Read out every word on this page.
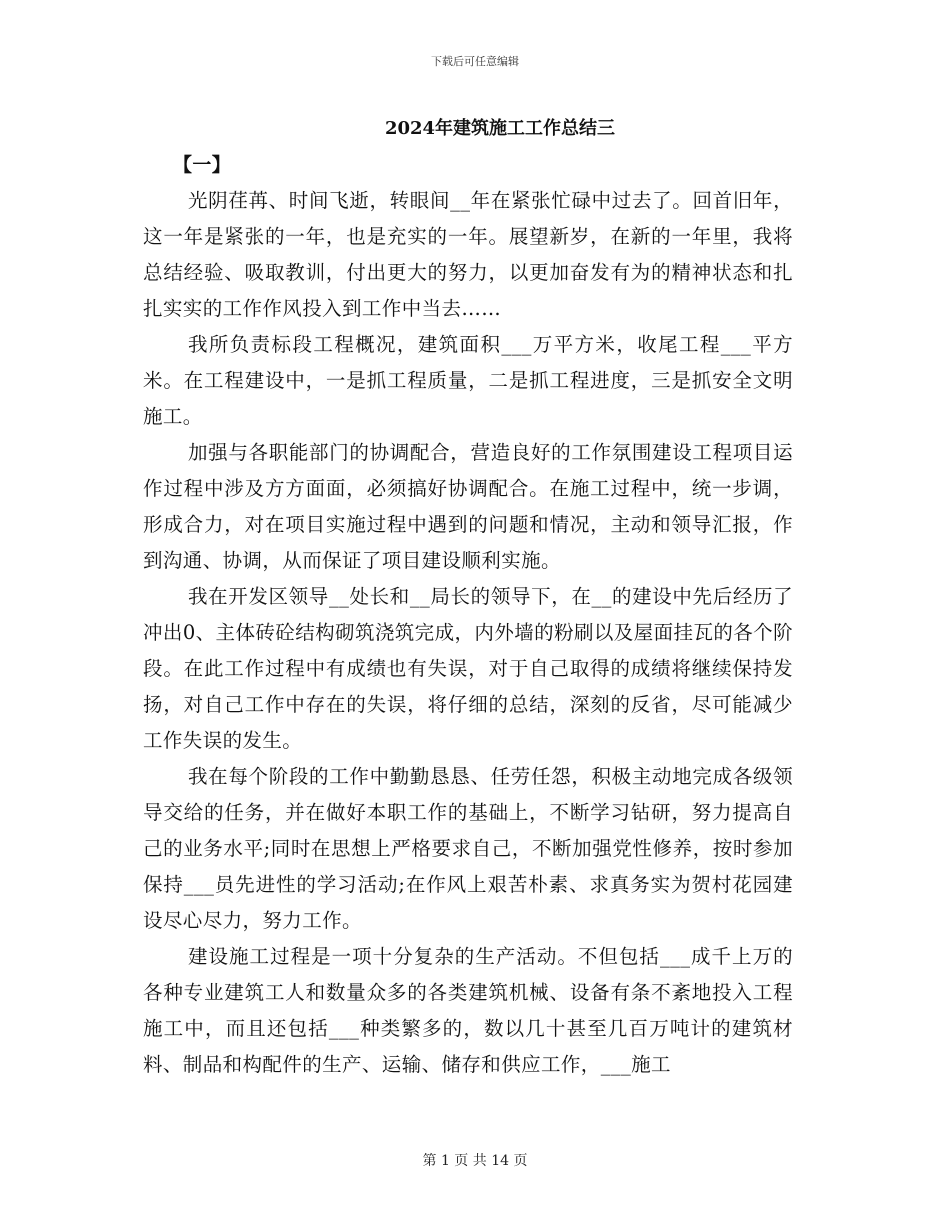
下载后可任意编辑
2024年建筑施工工作总结三

【一】

光阴荏苒、时间飞逝，转眼间__年在紧张忙碌中过去了。回首旧年，这一年是紧张的一年，也是充实的一年。展望新岁，在新的一年里，我将总结经验、吸取教训，付出更大的努力，以更加奋发有为的精神状态和扎扎实实的工作作风投入到工作中当去……

我所负责标段工程概况，建筑面积___万平方米，收尾工程___平方米。在工程建设中，一是抓工程质量，二是抓工程进度，三是抓安全文明施工。

加强与各职能部门的协调配合，营造良好的工作氛围建设工程项目运作过程中涉及方方面面，必须搞好协调配合。在施工过程中，统一步调，形成合力，对在项目实施过程中遇到的问题和情况，主动和领导汇报，作到沟通、协调，从而保证了项目建设顺利实施。

我在开发区领导__处长和__局长的领导下，在__的建设中先后经历了冲出0、主体砖砼结构砌筑浇筑完成，内外墙的粉刷以及屋面挂瓦的各个阶段。在此工作过程中有成绩也有失误，对于自己取得的成绩将继续保持发扬，对自己工作中存在的失误，将仔细的总结，深刻的反省，尽可能减少工作失误的发生。

我在每个阶段的工作中勤勤恳恳、任劳任怨，积极主动地完成各级领导交给的任务，并在做好本职工作的基础上，不断学习钻研，努力提高自己的业务水平;同时在思想上严格要求自己，不断加强党性修养，按时参加保持___员先进性的学习活动;在作风上艰苦朴素、求真务实为贺村花园建设尽心尽力，努力工作。

建设施工过程是一项十分复杂的生产活动。不但包括___成千上万的各种专业建筑工人和数量众多的各类建筑机械、设备有条不紊地投入工程施工中，而且还包括___种类繁多的，数以几十甚至几百万吨计的建筑材料、制品和构配件的生产、运输、储存和供应工作，___施工

第 1 页 共 14 页
